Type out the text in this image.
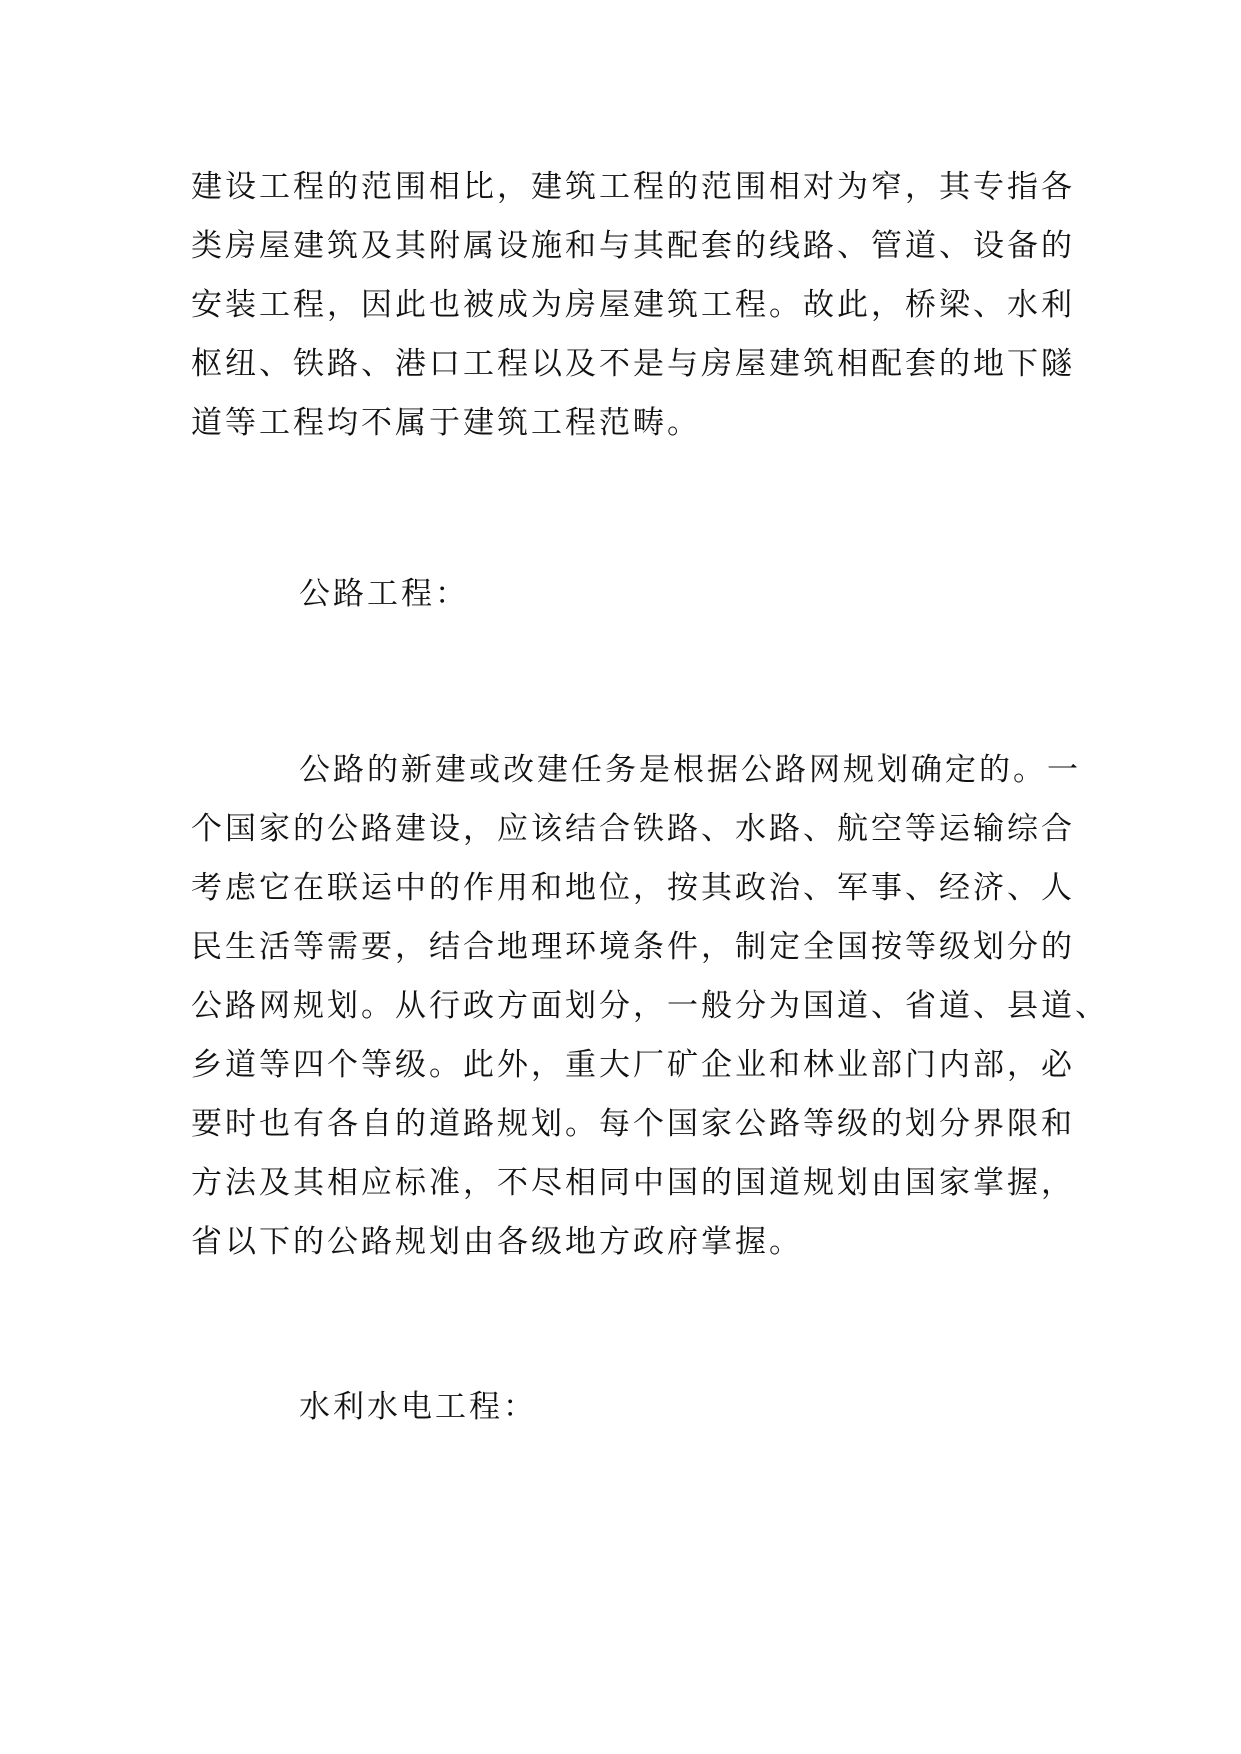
建设工程的范围相比，建筑工程的范围相对为窄，其专指各
类房屋建筑及其附属设施和与其配套的线路、管道、设备的
安装工程，因此也被成为房屋建筑工程。故此，桥梁、水利
枢纽、铁路、港口工程以及不是与房屋建筑相配套的地下隧
道等工程均不属于建筑工程范畴。
公路工程：
公路的新建或改建任务是根据公路网规划确定的。一
个国家的公路建设，应该结合铁路、水路、航空等运输综合
考虑它在联运中的作用和地位，按其政治、军事、经济、人
民生活等需要，结合地理环境条件，制定全国按等级划分的
公路网规划。从行政方面划分，一般分为国道、省道、县道、
乡道等四个等级。此外，重大厂矿企业和林业部门内部，必
要时也有各自的道路规划。每个国家公路等级的划分界限和
方法及其相应标准，不尽相同中国的国道规划由国家掌握，
省以下的公路规划由各级地方政府掌握。
水利水电工程：
